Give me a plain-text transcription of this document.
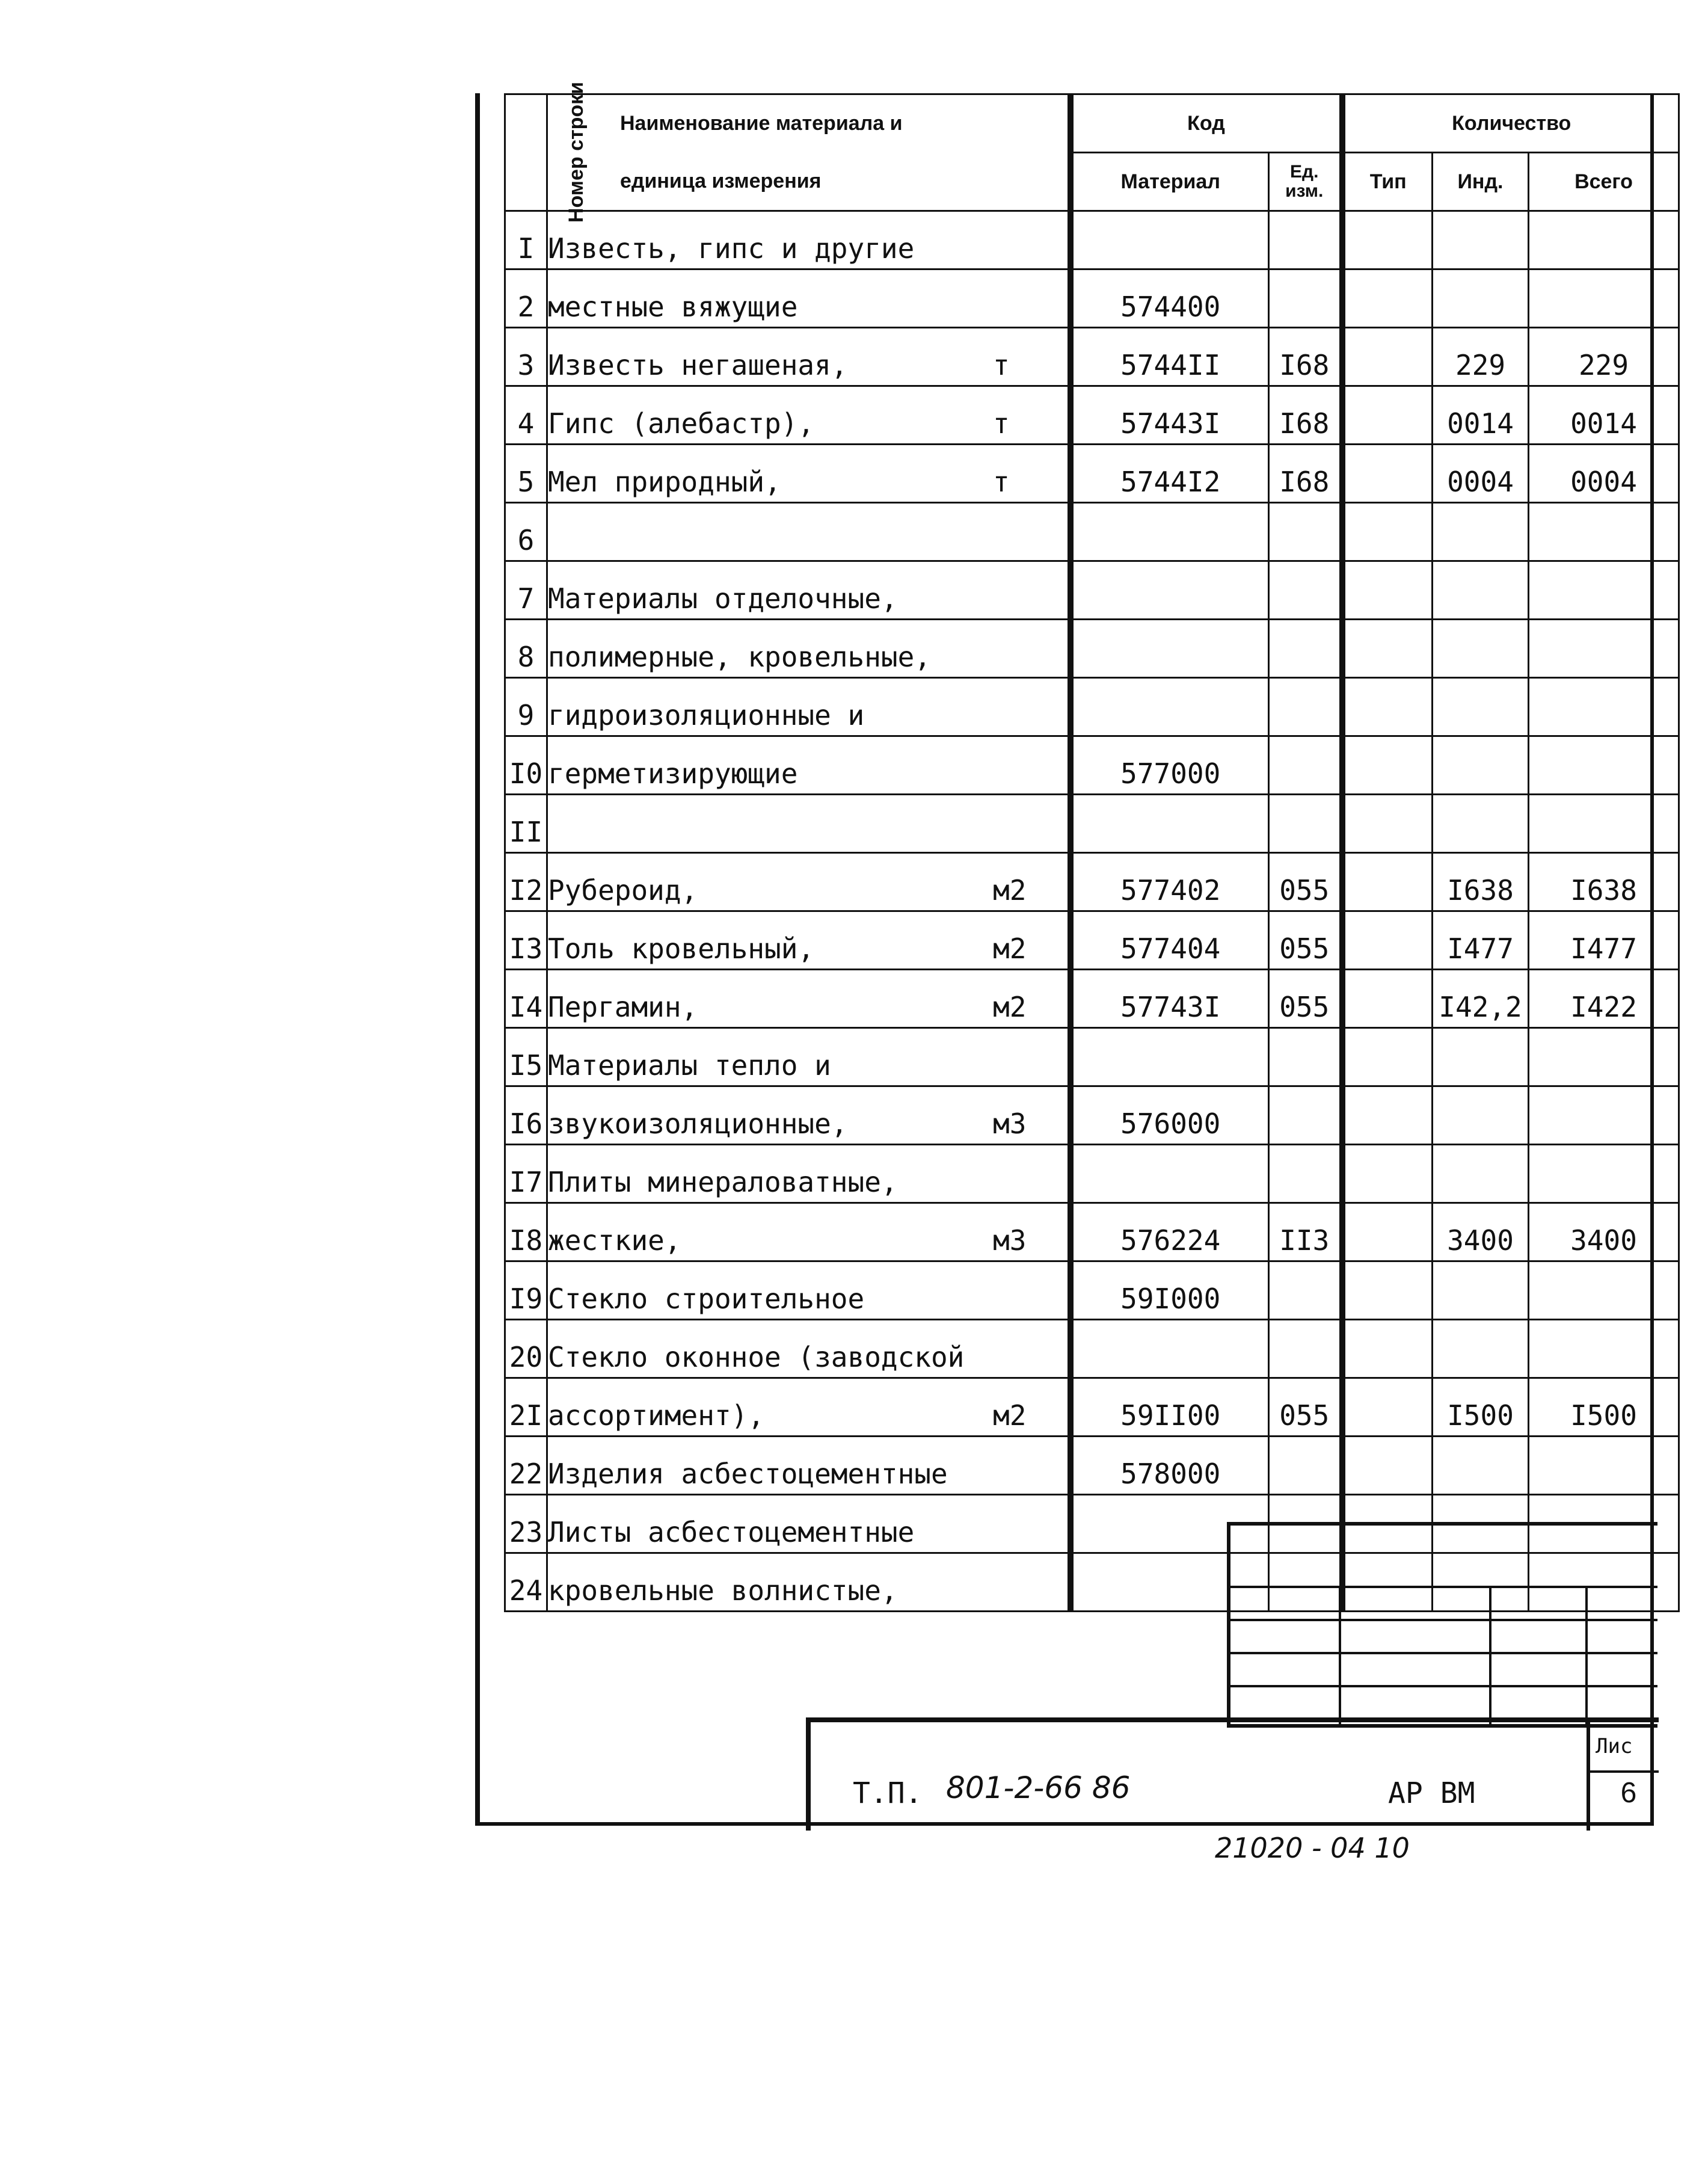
Номер строки	Наименование материала и	Код		Количество		
	единица измерения	Материал	Ед. изм.	Тип	Инд.	Всего
I	Известь, гипс и другие

2	местные вяжущие	574400				
3	Известь негашеная, т	5744II	I68		229	229
4	Гипс (алебастр), т	57443I	I68		0014	0014
5	Мел природный, т	5744I2	I68		0004	0004
6	

7	Материалы отделочные,

8	полимерные, кровельные,

9	гидроизоляционные и

I0	герметизирующие	577000				
II	

I2	Рубероид, м2	577402	055		I638	I638
I3	Толь кровельный, м2	577404	055		I477	I477
I4	Пергамин, м2	57743I	055		I42,2	I422
I5	Материалы тепло и

I6	звукоизоляционные, м3	576000				
I7	Плиты минераловатные,

I8	жесткие, м3	576224	II3		3400	3400
I9	Стекло строительное	59I000				
20	Стекло оконное (заводской

2I	ассортимент), м2	59II00	055		I500	I500
22	Изделия асбестоцементные	578000				
23	Листы асбестоцементные

24	кровельные волнистые,

Т.П. 801-2-66 86	АР ВМ
Лис
6
21020 - 04 10
